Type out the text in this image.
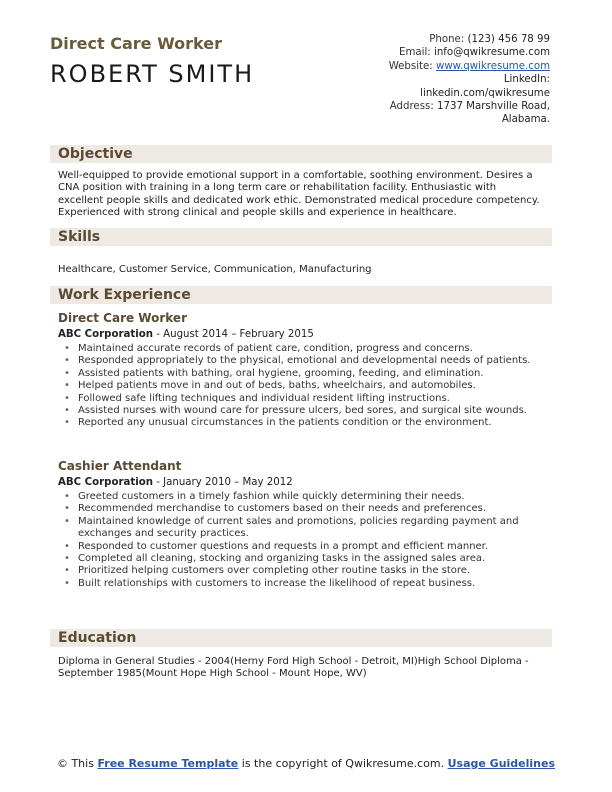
Direct Care Worker
ROBERT SMITH
Phone: (123) 456 78 99
Email: info@qwikresume.com
Website: www.qwikresume.com
LinkedIn:
linkedin.com/qwikresume
Address: 1737 Marshville Road,
Alabama.
Objective
Well-equipped to provide emotional support in a comfortable, soothing environment. Desires a CNA position with training in a long term care or rehabilitation facility. Enthusiastic with excellent people skills and dedicated work ethic. Demonstrated medical procedure competency. Experienced with strong clinical and people skills and experience in healthcare.
Skills
Healthcare, Customer Service, Communication, Manufacturing
Work Experience
Direct Care Worker
ABC Corporation - August 2014 – February 2015
• Maintained accurate records of patient care, condition, progress and concerns.
• Responded appropriately to the physical, emotional and developmental needs of patients.
• Assisted patients with bathing, oral hygiene, grooming, feeding, and elimination.
• Helped patients move in and out of beds, baths, wheelchairs, and automobiles.
• Followed safe lifting techniques and individual resident lifting instructions.
• Assisted nurses with wound care for pressure ulcers, bed sores, and surgical site wounds.
• Reported any unusual circumstances in the patients condition or the environment.
Cashier Attendant
ABC Corporation - January 2010 – May 2012
• Greeted customers in a timely fashion while quickly determining their needs.
• Recommended merchandise to customers based on their needs and preferences.
• Maintained knowledge of current sales and promotions, policies regarding payment and exchanges and security practices.
• Responded to customer questions and requests in a prompt and efficient manner.
• Completed all cleaning, stocking and organizing tasks in the assigned sales area.
• Prioritized helping customers over completing other routine tasks in the store.
• Built relationships with customers to increase the likelihood of repeat business.
Education
Diploma in General Studies - 2004(Herny Ford High School - Detroit, MI)High School Diploma - September 1985(Mount Hope High School - Mount Hope, WV)
© This Free Resume Template is the copyright of Qwikresume.com. Usage Guidelines
